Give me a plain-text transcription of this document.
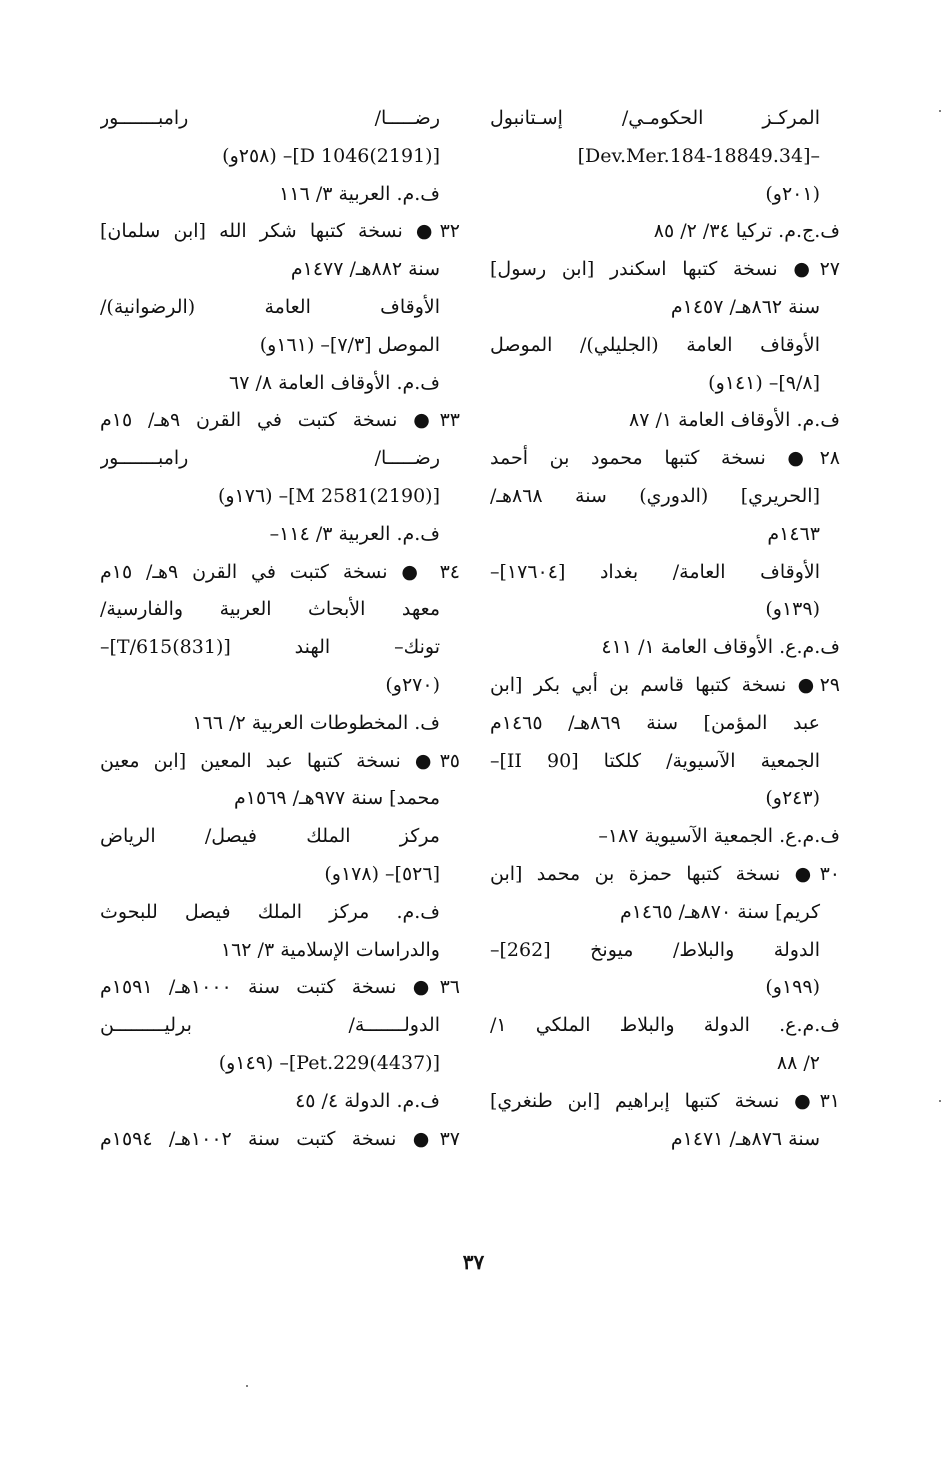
المركـز الحكومـي/ إسـتانبول
–[34.Dev.Mer.184-18849]
(٢٠١و)
ف.ج.م. تركيا ٣٤/ ٢/ ٨٥
٢٧● نسخة كتبها اسكندر [ابن رسول]
سنة ٨٦٢هـ/ ١٤٥٧م
الأوقاف العامة (الجليلي)/ الموصل
[٩/٨]– (١٤١و)
ف.م. الأوقاف العامة ١/ ٨٧
٢٨● نسخة كتبها محمود بن أحمد
[الحريري] (الدوري) سنة ٨٦٨هـ/
١٤٦٣م
الأوقاف العامة/ بغداد [١٧٦٠٤]–
(١٣٩و)
ف.م.ع. الأوقاف العامة ١/ ٤١١
٢٩● نسخة كتبها قاسم بن أبي بكر [ابن
عبد المؤمن] سنة ٨٦٩هـ/ ١٤٦٥م
الجمعية الآسيوية/ كلكتا [90 II]–
(٢٤٣و)
ف.م.ع. الجمعية الآسيوية ١٨٧–
٣٠● نسخة كتبها حمزة بن محمد [ابن
كريم] سنة ٨٧٠هـ/ ١٤٦٥م
الدولة والبلاط/ ميونخ [262]–
(١٩٩و)
ف.م.ع. الدولة والبلاط الملكي ١/
٢/ ٨٨
٣١● نسخة كتبها إبراهيم [ابن طنغري]
سنة ٨٧٦هـ/ ١٤٧١م
رضـــــا/ رامبـــــــور
[D 1046(2191)]– (٢٥٨و)
ف.م. العربية ٣/ ١١٦
٣٢● نسخة كتبها شكر الله [ابن سلمان]
سنة ٨٨٢هـ/ ١٤٧٧م
الأوقاف العامة (الرضوانية)/
الموصل [٧/٣]– (١٦١و)
ف.م. الأوقاف العامة ٨/ ٦٧
٣٣● نسخة كتبت في القرن ٩هـ/ ١٥م
رضـــــا/ رامبـــــــور
[M 2581(2190)]– (١٧٦و)
ف.م. العربية ٣/ ١١٤–
٣٤ ● نسخة كتبت في القرن ٩هـ/ ١٥م
معهد الأبحاث العربية والفارسية/
تونك– الهند [T/615(831)]–
(٢٧٠و)
ف. المخطوطات العربية ٢/ ١٦٦
٣٥● نسخة كتبها عبد المعين [ابن معين
محمد] سنة ٩٧٧هـ/ ١٥٦٩م
مركز الملك فيصل/ الرياض
[٥٢٦]– (١٧٨و)
ف.م. مركز الملك فيصل للبحوث
والدراسات الإسلامية ٣/ ١٦٢
٣٦● نسخة كتبت سنة ١٠٠٠هـ/ ١٥٩١م
الدولـــــــة/ برليـــــــــن
[Pet.229(4437)]– (١٤٩و)
ف.م. الدولة ٤/ ٤٥
٣٧● نسخة كتبت سنة ١٠٠٢هـ/ ١٥٩٤م
٣٧
